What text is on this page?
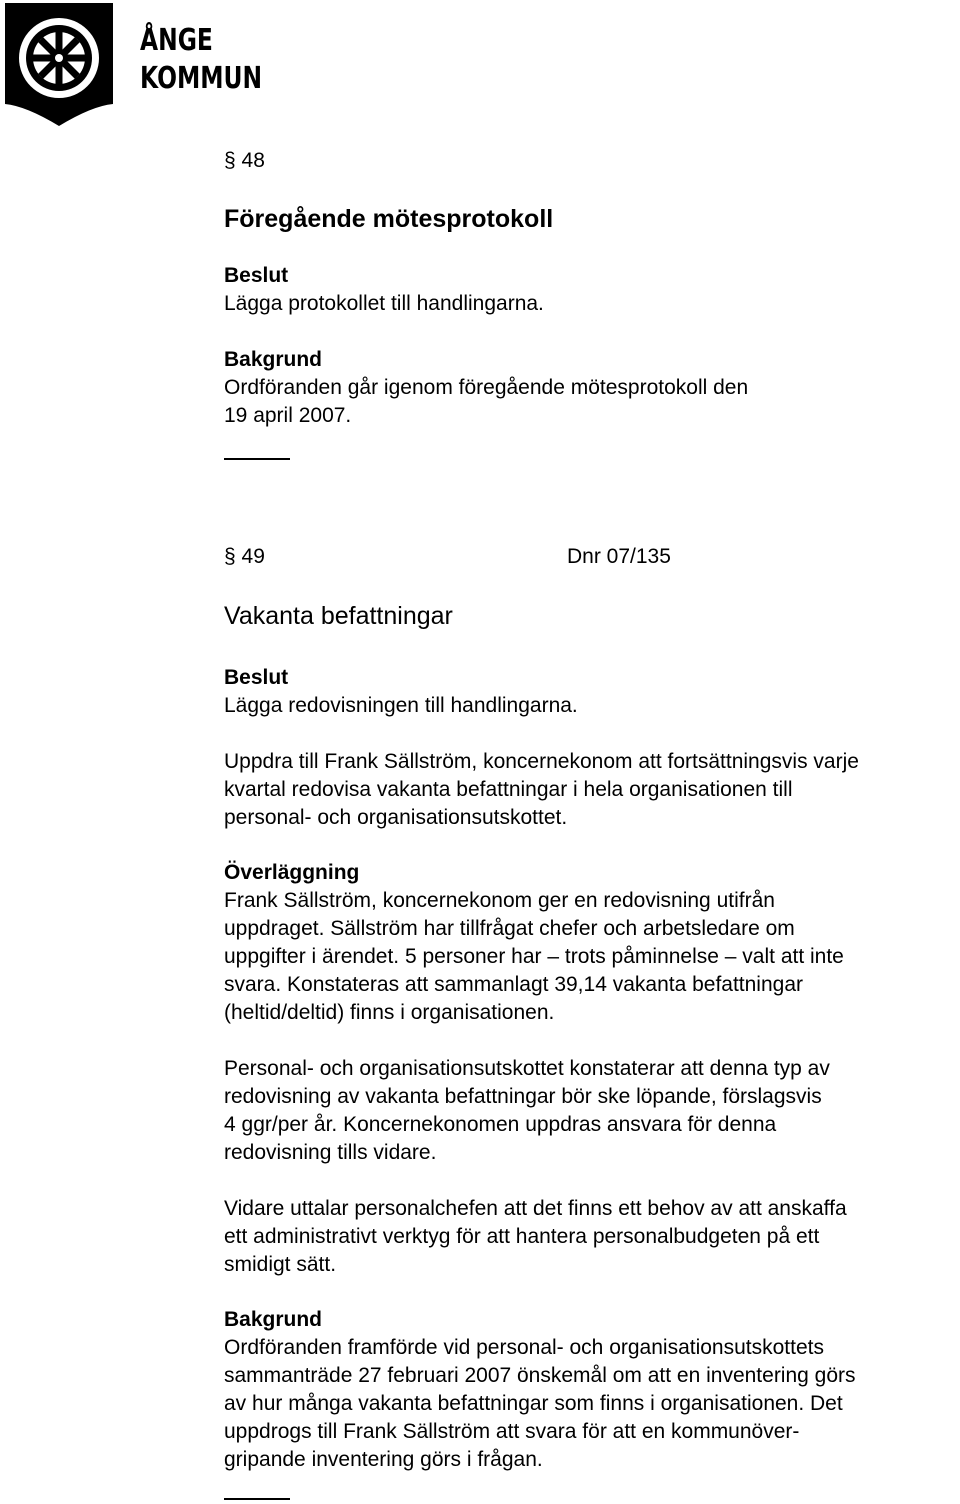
ÅNGE
KOMMUN
§ 48
Föregående mötesprotokoll
Beslut
Lägga protokollet till handlingarna.
Bakgrund
Ordföranden går igenom föregående mötesprotokoll den
19 april 2007.
§ 49	Dnr 07/135
Vakanta befattningar
Beslut
Lägga redovisningen till handlingarna.
Uppdra till Frank Sällström, koncernekonom att fortsättningsvis varje
kvartal redovisa vakanta befattningar i hela organisationen till
personal- och organisationsutskottet.
Överläggning
Frank Sällström, koncernekonom ger en redovisning utifrån
uppdraget. Sällström har tillfrågat chefer och arbetsledare om
uppgifter i ärendet. 5 personer har – trots påminnelse – valt att inte
svara. Konstateras att sammanlagt 39,14 vakanta befattningar
(heltid/deltid) finns i organisationen.
Personal- och organisationsutskottet konstaterar att denna typ av
redovisning av vakanta befattningar bör ske löpande, förslagsvis
4 ggr/per år. Koncernekonomen uppdras ansvara för denna
redovisning tills vidare.
Vidare uttalar personalchefen att det finns ett behov av att anskaffa
ett administrativt verktyg för att hantera personalbudgeten på ett
smidigt sätt.
Bakgrund
Ordföranden framförde vid personal- och organisationsutskottets
sammanträde 27 februari 2007 önskemål om att en inventering görs
av hur många vakanta befattningar som finns i organisationen. Det
uppdrogs till Frank Sällström att svara för att en kommunöver-
gripande inventering görs i frågan.
